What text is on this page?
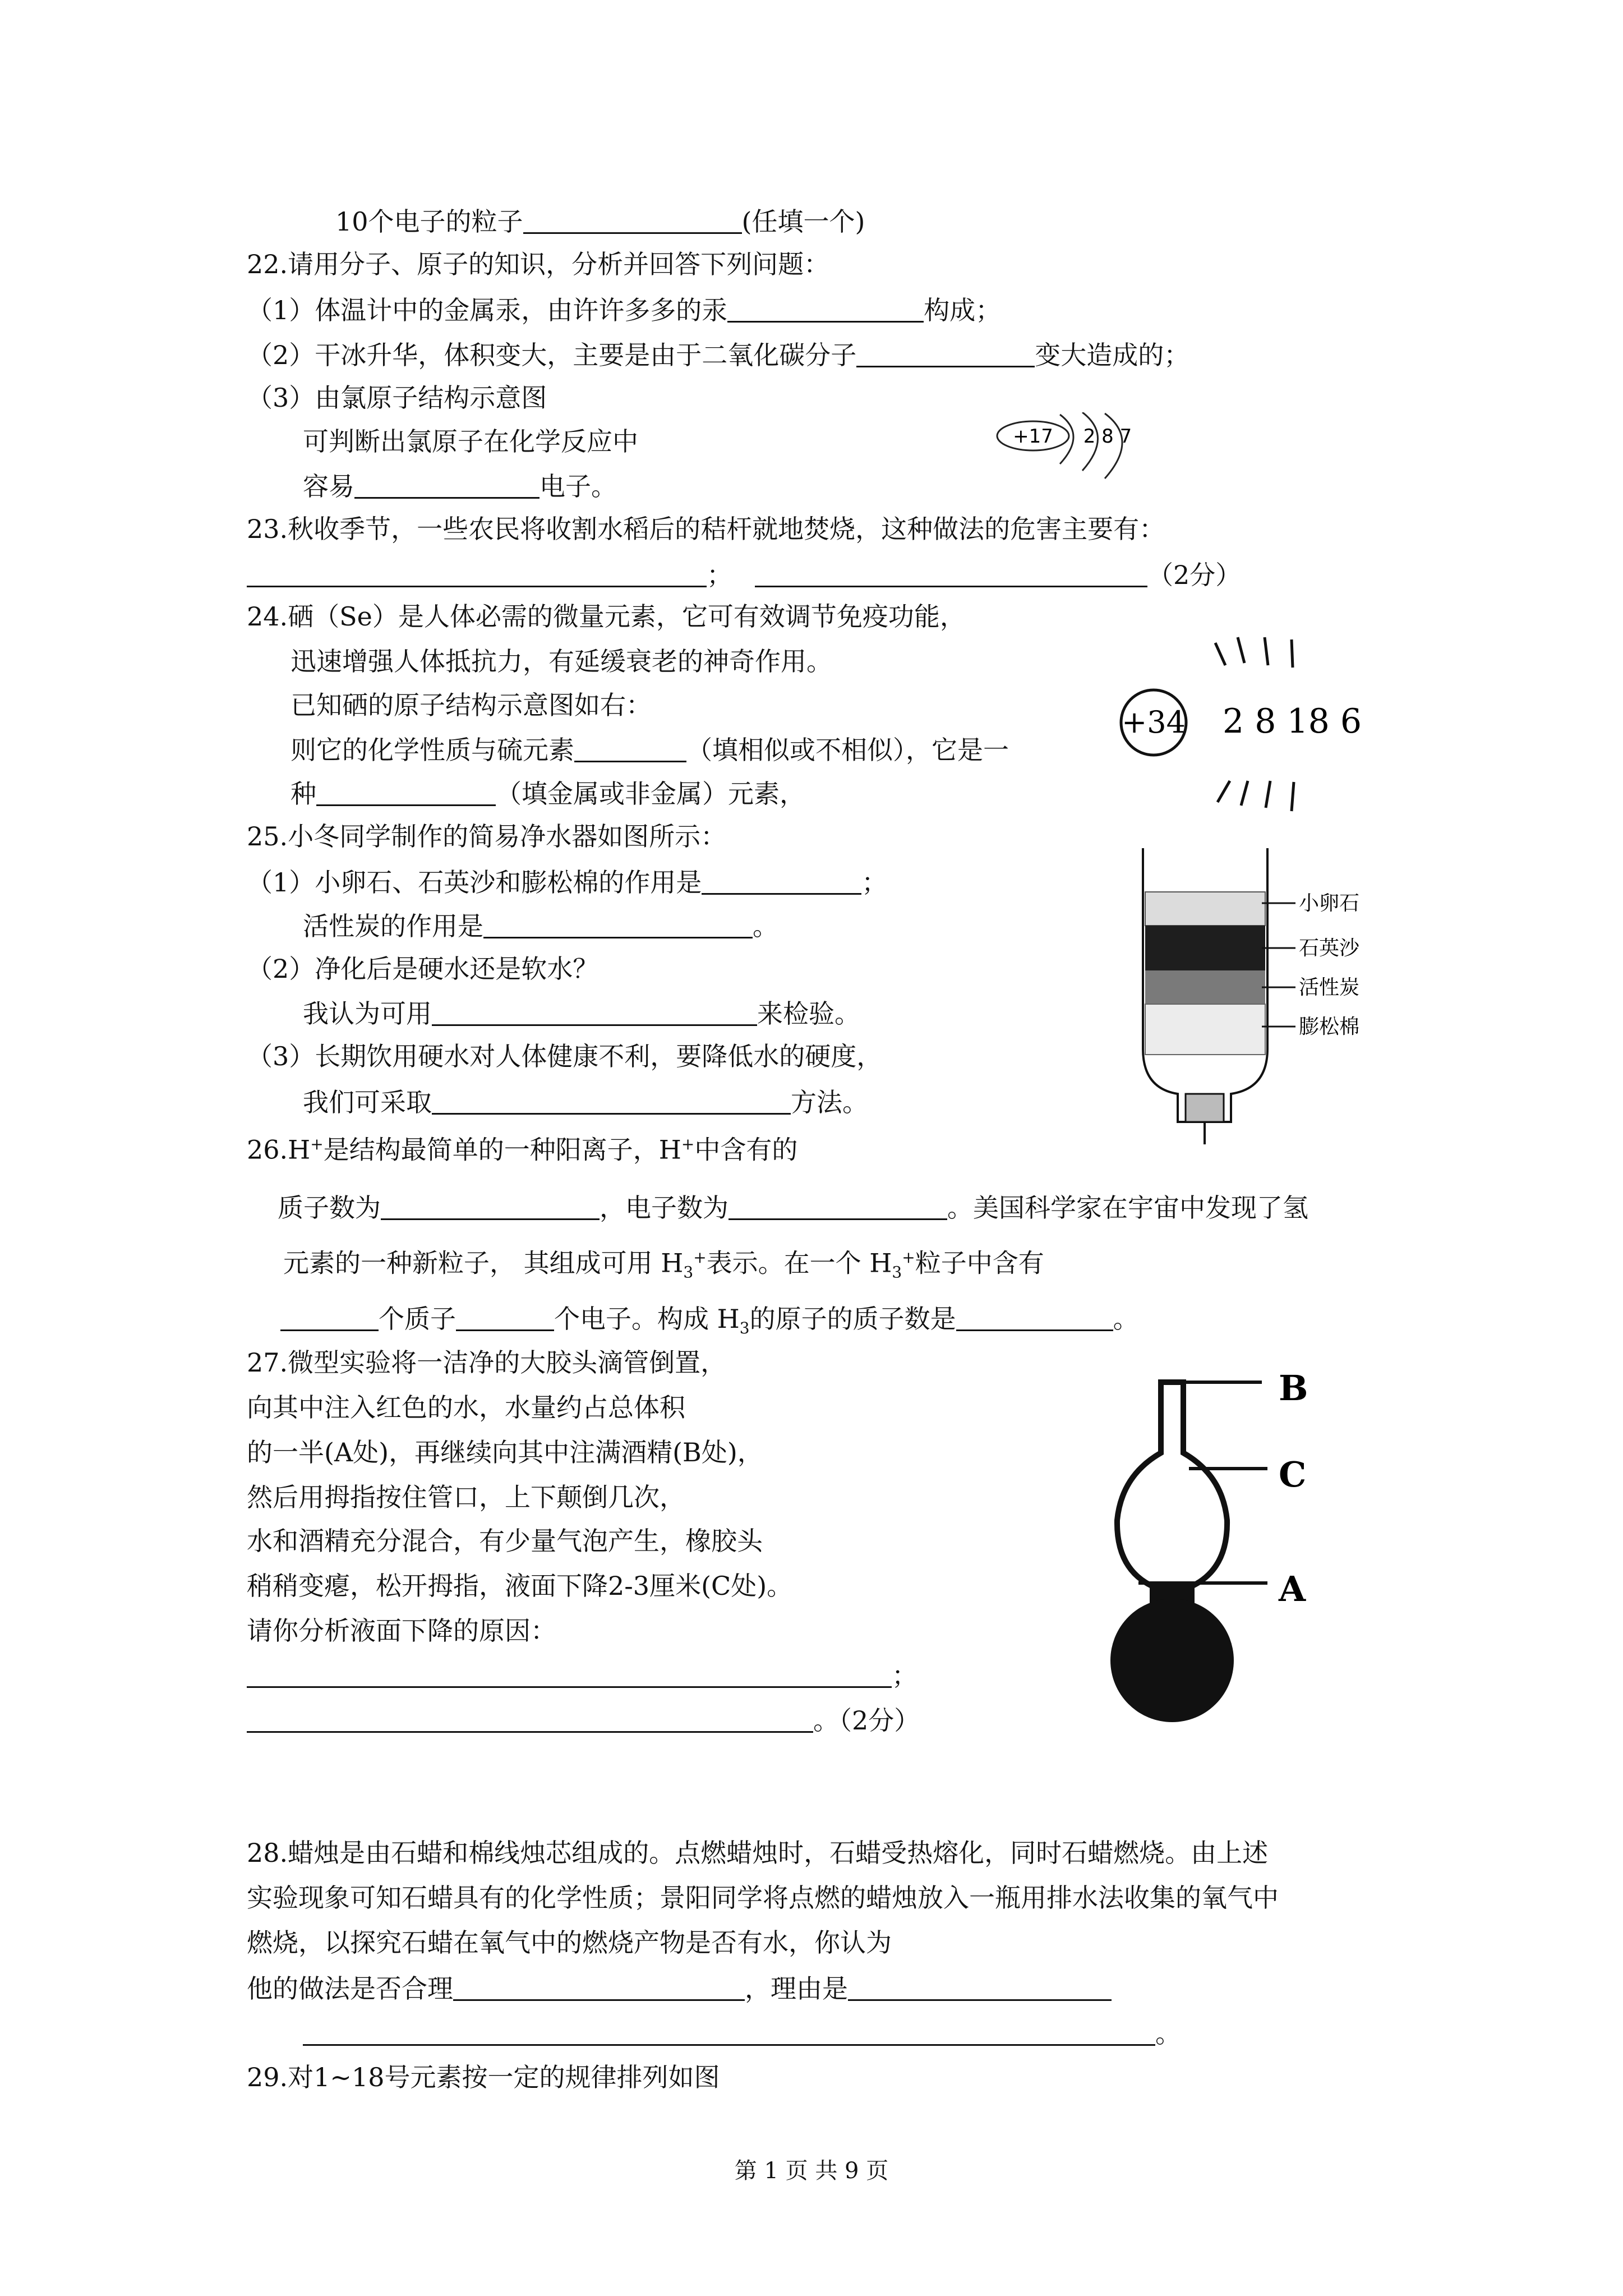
10个电子的粒子	(任填一个)
22.请用分子、原子的知识，分析并回答下列问题：
（1）体温计中的金属汞，由许许多多的汞	构成；
（2）干冰升华，体积变大，主要是由于二氧化碳分子	变大造成的；
（3）由氯原子结构示意图
可判断出氯原子在化学反应中
容易	电子。
+17 2 8 7
23.秋收季节，一些农民将收割水稻后的秸杆就地焚烧，这种做法的危害主要有：
；	（2分）
24.硒（Se）是人体必需的微量元素，它可有效调节免疫功能，
迅速增强人体抵抗力，有延缓衰老的神奇作用。
已知硒的原子结构示意图如右：
则它的化学性质与硫元素	（填相似或不相似），它是一
种	（填金属或非金属）元素，
+34 2 8 18 6
25.小冬同学制作的简易净水器如图所示：
（1）小卵石、石英沙和膨松棉的作用是	；
活性炭的作用是	。
（2）净化后是硬水还是软水？
我认为可用	来检验。
（3）长期饮用硬水对人体健康不利，要降低水的硬度，
我们可采取	方法。
小卵石
石英沙
活性炭
膨松棉
26.H+是结构最简单的一种阳离子，H+中含有的
质子数为	，电子数为	。美国科学家在宇宙中发现了氢
元素的一种新粒子， 其组成可用 $H_3^+$表示。在一个 $H_3^+$粒子中含有
个质子	个电子。构成 $H_3$的原子的质子数是	。
27.微型实验将一洁净的大胶头滴管倒置，
向其中注入红色的水，水量约占总体积
的一半(A处)，再继续向其中注满酒精(B处)，
然后用拇指按住管口，上下颠倒几次，
水和酒精充分混合，有少量气泡产生，橡胶头
稍稍变瘪，松开拇指，液面下降2-3厘米(C处)。
请你分析液面下降的原因：
；
。（2分）
B
C
A
28.蜡烛是由石蜡和棉线烛芯组成的。点燃蜡烛时，石蜡受热熔化，同时石蜡燃烧。由上述
实验现象可知石蜡具有的化学性质；景阳同学将点燃的蜡烛放入一瓶用排水法收集的氧气中
燃烧，以探究石蜡在氧气中的燃烧产物是否有水，你认为
他的做法是否合理	，理由是
。
29.对1~18号元素按一定的规律排列如图
第 1 页 共 9 页
